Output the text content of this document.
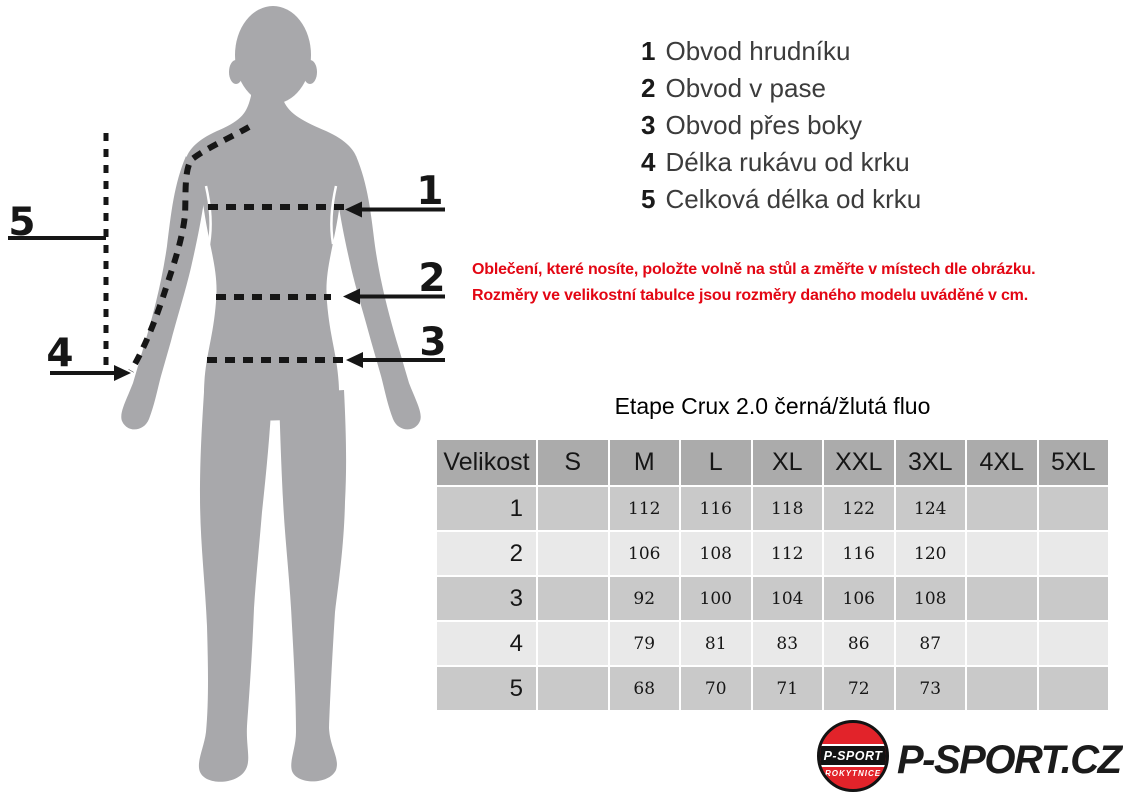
1
2
3
4
5
1 Obvod hrudníku
2 Obvod v pase
3 Obvod přes boky
4 Délka rukávu od krku
5 Celková délka od krku
Oblečení, které nosíte, položte volně na stůl a změřte v místech dle obrázku.
Rozměry ve velikostní tabulce jsou rozměry daného modelu uváděné v cm.
Etape Crux 2.0 černá/žlutá fluo
Velikost	S	M	L	XL	XXL	3XL	4XL	5XL
1		112	116	118	122	124		
2		106	108	112	116	120		
3		92	100	104	106	108		
4		79	81	83	86	87		
5		68	70	71	72	73		
P-SPORT
ROKYTNICE P-SPORT.CZ
